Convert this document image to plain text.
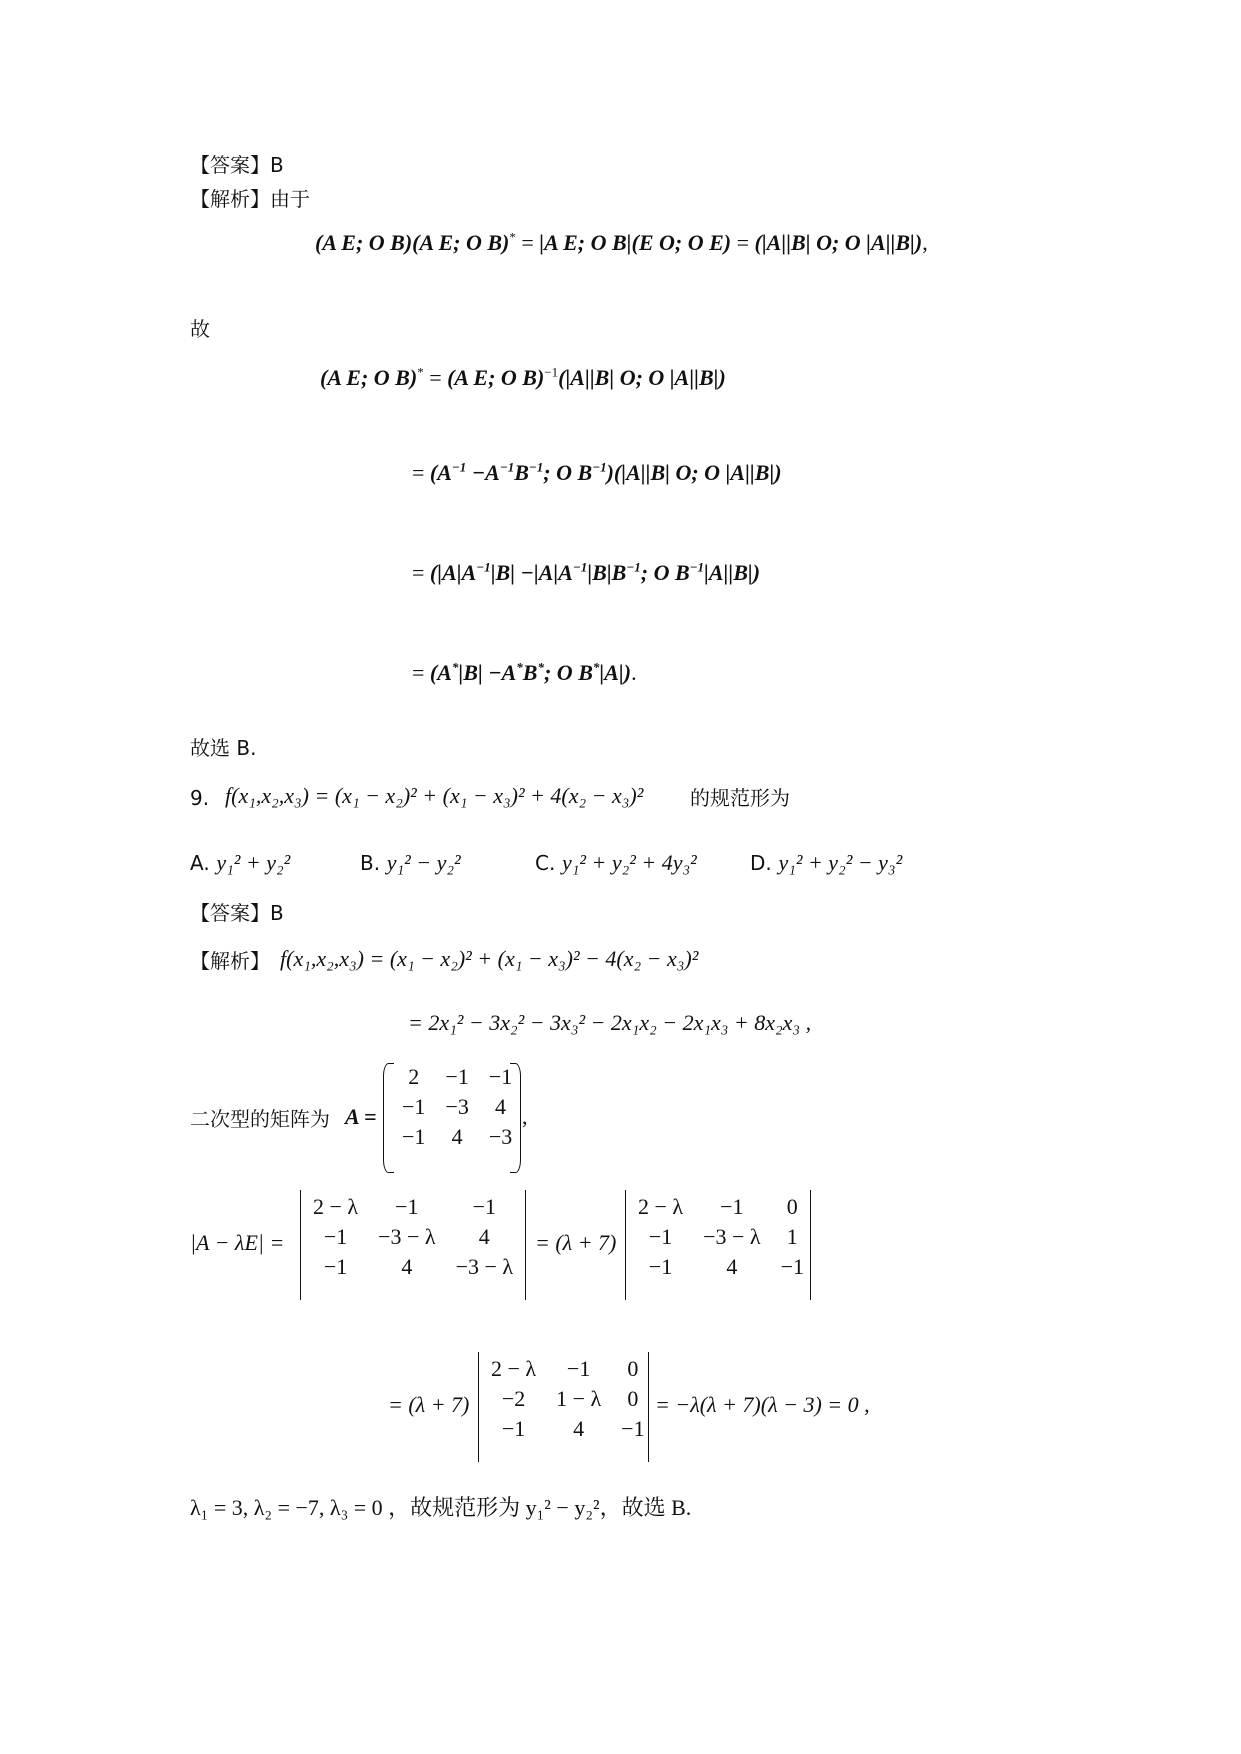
【答案】B
【解析】由于
(A E; O B)(A E; O B)* = |A E; O B|(E O; O E) = (|A||B| O; O |A||B|),
故
(A E; O B)* = (A E; O B)$^{-1}$(|A||B| O; O |A||B|)
= ($A^{-1} -A^{-1}B^{-1}$; O $B^{-1})(|A||B|$ O; O |A||B|)
= ($|A|A^{-1}|B| -|A|A^{-1}|B|B^{-1}$; O $B^{-1}|A||B|$)
= (A*|B| −A*B*; O B*|A|).
故选 B.
9. f(x₁,x₂,x₃) = (x₁ − x₂)² + (x₁ − x₃)² + 4(x₂ − x₃)² 的规范形为
A. y₁² + y₂²	B. y₁² − y₂²	C. y₁² + y₂² + 4y₃²	D. y₁² + y₂² − y₃²
【答案】B
【解析】 f(x₁,x₂,x₃) = (x₁ − x₂)² + (x₁ − x₃)² − 4(x₂ − x₃)²
= 2x₁² − 3x₂² − 3x₃² − 2x₁x₂ − 2x₁x₃ + 8x₂x₃ ,
二次型的矩阵为 A =
2	−1	−1
−1	−3	4
−1	4	−3
,
|A − λE| =
2 − λ	−1	−1
−1	−3 − λ	4
−1	4	−3 − λ
= (λ + 7)
2 − λ	−1	0
−1	−3 − λ	1
−1	4	−1
= (λ + 7)
2 − λ	−1	0
−2	1 − λ	0
−1	4	−1
= −λ(λ + 7)(λ − 3) = 0 ,
λ₁ = 3, λ₂ = −7, λ₃ = 0 ，故规范形为 y₁² − y₂²，故选 B.
